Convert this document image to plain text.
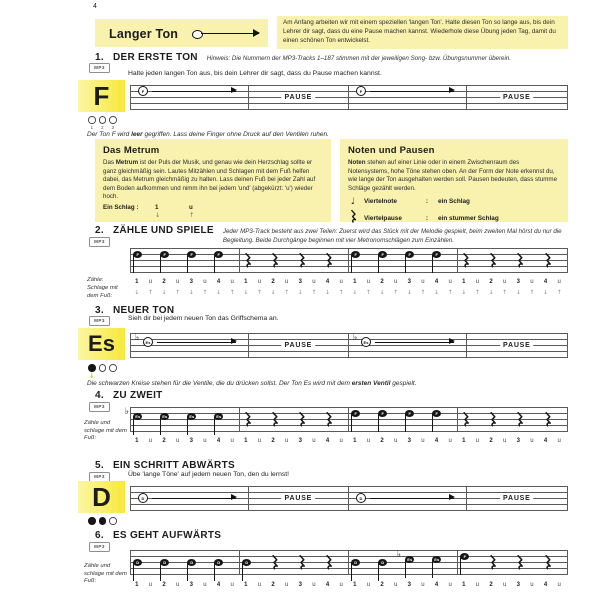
4
Langer Ton
Am Anfang arbeiten wir mit einem speziellen 'langen Ton'. Halte diesen Ton so lange aus, bis dein Lehrer dir sagt, dass du eine Pause machen kannst. Wiederhole diese Übung jeden Tag, damit du einen schönen Ton entwickelst.
1. DER ERSTE TON Hinweis: Die Nummern der MP3-Tracks 1–187 stimmen mit der jeweiligen Song- bzw. Übungsnummer überein.
MP3
Halte jeden langen Ton aus, bis dein Lehrer dir sagt, dass du Pause machen kannst.
F	F
PAUSE
F
PAUSE
1 2 3
Der Ton F wird leer gegriffen. Lass deine Finger ohne Druck auf den Ventilen ruhen.
Das Metrum
Das Metrum ist der Puls der Musik, und genau wie dein Herzschlag sollte er ganz gleichmäßig sein. Lautes Mitzählen und Schlagen mit dem Fuß helfen dabei, das Metrum gleichmäßig zu halten. Lass deinen Fuß bei jeder Zahl auf dem Boden aufkommen und nimm ihn bei jedem 'und' (abgekürzt: 'u') wieder hoch.
Ein Schlag :	1
↓
u
↑
Noten und Pausen
Noten stehen auf einer Linie oder in einem Zwischenraum des Notensystems, hohe Töne stehen oben. An der Form der Note erkennst du, wie lange der Ton ausgehalten werden soll. Pausen bedeuten, dass stumme Schläge gezählt werden.
♩	Viertelnote	:	ein Schlag
Viertelpause	:	ein stummer Schlag
2. ZÄHLE UND SPIELE Jeder MP3-Track besteht aus zwei Teilen: Zuerst wird das Stück mit der Melodie gespielt, beim zweiten Mal hörst du nur die Begleitung. Beide Durchgänge beginnen mit vier Metronomschlägen zum Einzählen.
MP3
F	F	F	F	F	F	F	F
Zähle:
Schlage mit dem Fuß:
1	u	2	u	3	u	4	u	1	u	2	u	3	u	4	u	1	u	2	u	3	u	4	u	1	u	2	u	3	u	4	u
↓	↑	↓	↑	↓	↑	↓	↑	↓	↑	↓	↑	↓	↑	↓	↑	↓	↑	↓	↑	↓	↑	↓	↑	↓	↑	↓	↑	↓	↑	↓	↑
3. NEUER TON
MP3	Sieh dir bei jedem neuen Ton das Griffschema an.
Es ♭ Es	PAUSE
♭ Es	PAUSE
↓
Die schwarzen Kreise stehen für die Ventile, die du drücken sollst. Der Ton Es wird mit dem ersten Ventil gespielt.
4. ZU ZWEIT
MP3
♭	Es	Es	Es	Es
F	F	F	F
Zähle und schlage mit dem Fuß:	1	u	2	u	3	u	4	u	1	u	2	u	3	u	4	u	1	u	2	u	3	u	4	u	1	u	2	u	3	u	4	u
5. EIN SCHRITT ABWÄRTS
MP3	Übe 'lange Töne' auf jedem neuen Ton, den du lernst!
D	D	PAUSE	D	PAUSE
6. ES GEHT AUFWÄRTS
MP3
D	D	D	D	D	D	D
♭	Es	Es
F
Zähle und schlage mit dem Fuß:
1	u	2	u	3	u	4	u	1	u	2	u	3	u	4	u	1	u	2	u	3	u	4	u	1	u	2	u	3	u	4	u
